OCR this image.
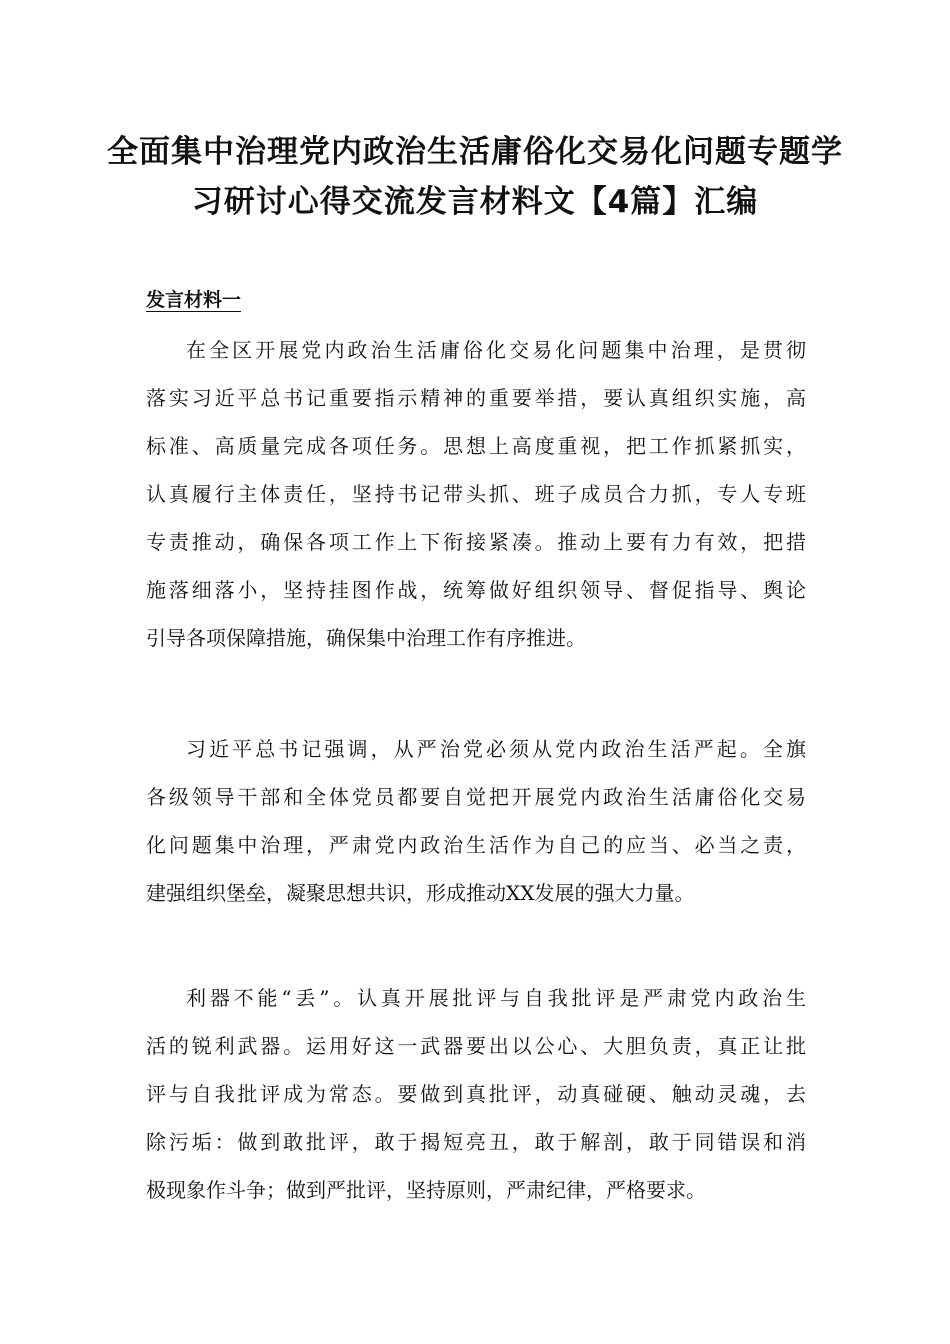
全面集中治理党内政治生活庸俗化交易化问题专题学
习研讨心得交流发言材料文【4篇】汇编
发言材料一
在全区开展党内政治生活庸俗化交易化问题集中治理，是贯彻
落实习近平总书记重要指示精神的重要举措，要认真组织实施，高
标准、高质量完成各项任务。思想上高度重视，把工作抓紧抓实，
认真履行主体责任，坚持书记带头抓、班子成员合力抓，专人专班
专责推动，确保各项工作上下衔接紧凑。推动上要有力有效，把措
施落细落小，坚持挂图作战，统筹做好组织领导、督促指导、舆论
引导各项保障措施，确保集中治理工作有序推进。
习近平总书记强调，从严治党必须从党内政治生活严起。全旗
各级领导干部和全体党员都要自觉把开展党内政治生活庸俗化交易
化问题集中治理，严肃党内政治生活作为自己的应当、必当之责，
建强组织堡垒，凝聚思想共识，形成推动XX发展的强大力量。
利器不能“丢”。认真开展批评与自我批评是严肃党内政治生
活的锐利武器。运用好这一武器要出以公心、大胆负责，真正让批
评与自我批评成为常态。要做到真批评，动真碰硬、触动灵魂，去
除污垢：做到敢批评，敢于揭短亮丑，敢于解剖，敢于同错误和消
极现象作斗争；做到严批评，坚持原则，严肃纪律，严格要求。
